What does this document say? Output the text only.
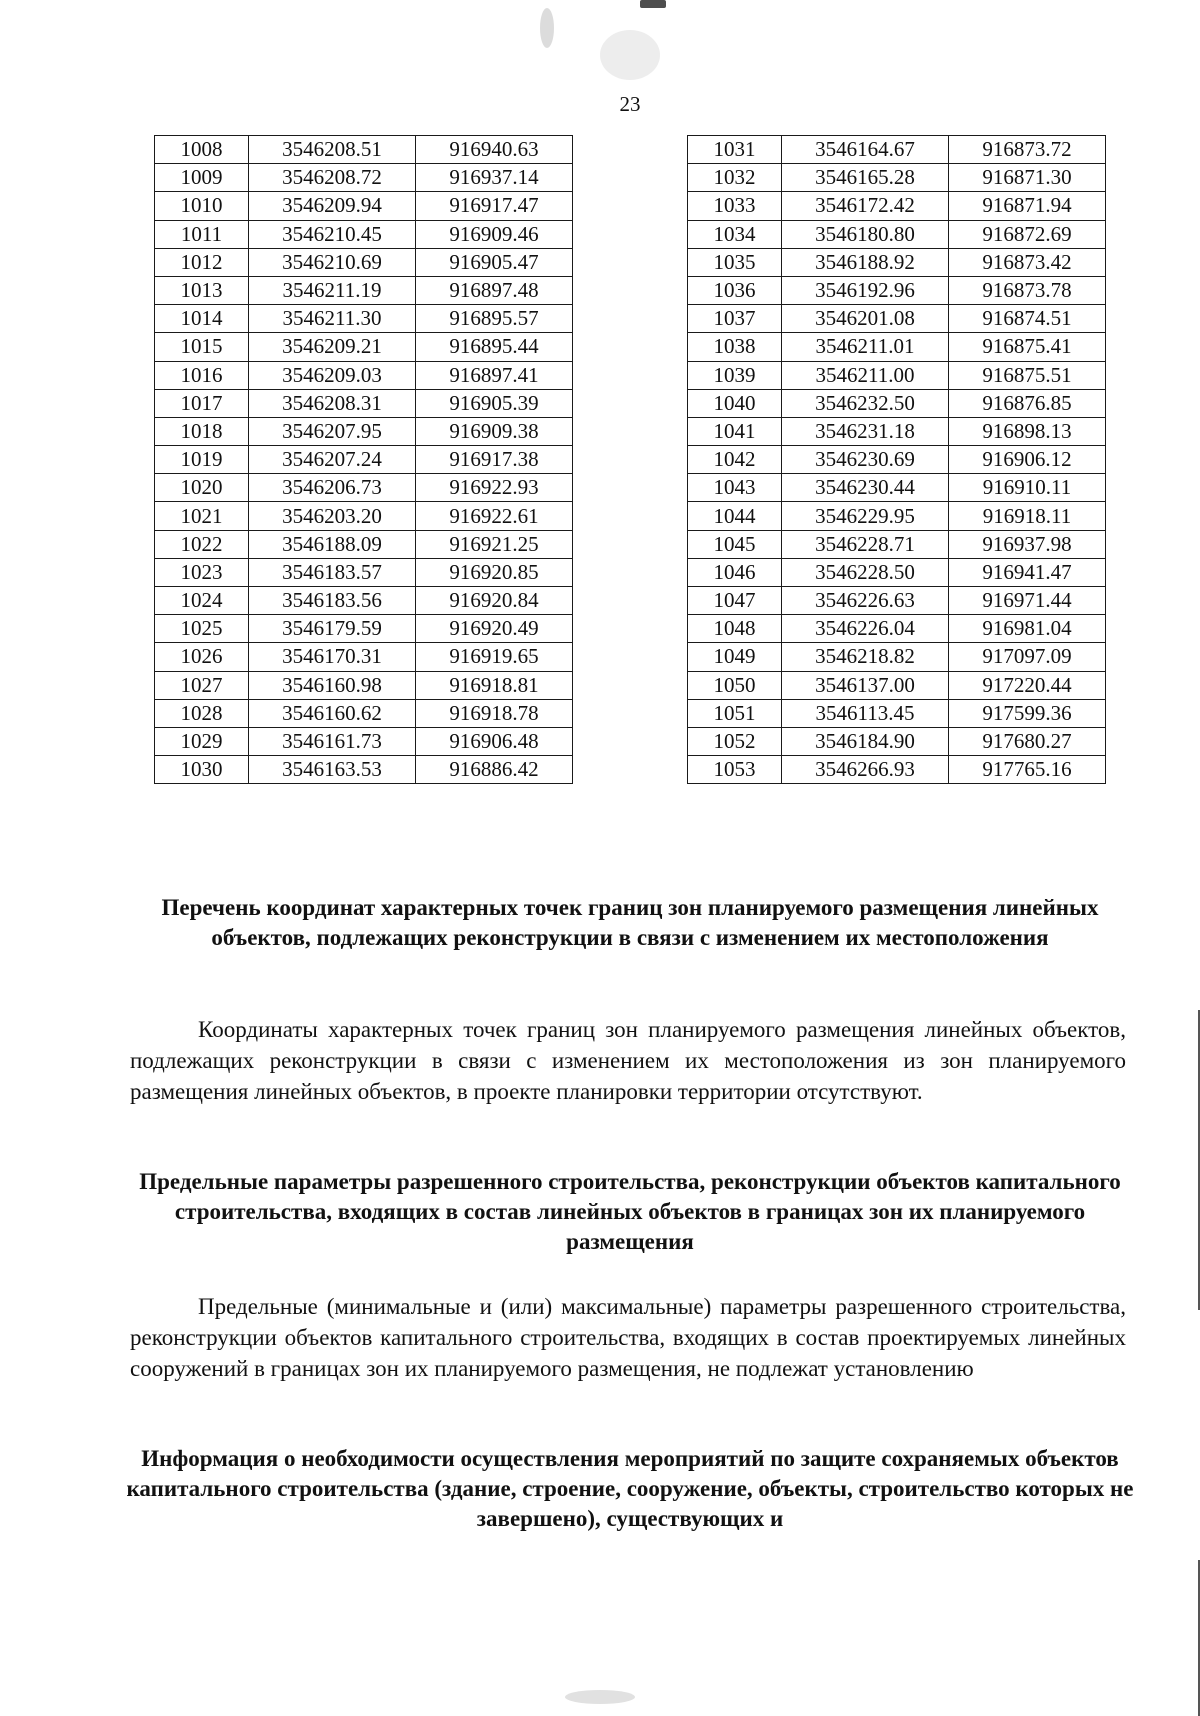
23
1008	3546208.51	916940.63
1009	3546208.72	916937.14
1010	3546209.94	916917.47
1011	3546210.45	916909.46
1012	3546210.69	916905.47
1013	3546211.19	916897.48
1014	3546211.30	916895.57
1015	3546209.21	916895.44
1016	3546209.03	916897.41
1017	3546208.31	916905.39
1018	3546207.95	916909.38
1019	3546207.24	916917.38
1020	3546206.73	916922.93
1021	3546203.20	916922.61
1022	3546188.09	916921.25
1023	3546183.57	916920.85
1024	3546183.56	916920.84
1025	3546179.59	916920.49
1026	3546170.31	916919.65
1027	3546160.98	916918.81
1028	3546160.62	916918.78
1029	3546161.73	916906.48
1030	3546163.53	916886.42
1031	3546164.67	916873.72
1032	3546165.28	916871.30
1033	3546172.42	916871.94
1034	3546180.80	916872.69
1035	3546188.92	916873.42
1036	3546192.96	916873.78
1037	3546201.08	916874.51
1038	3546211.01	916875.41
1039	3546211.00	916875.51
1040	3546232.50	916876.85
1041	3546231.18	916898.13
1042	3546230.69	916906.12
1043	3546230.44	916910.11
1044	3546229.95	916918.11
1045	3546228.71	916937.98
1046	3546228.50	916941.47
1047	3546226.63	916971.44
1048	3546226.04	916981.04
1049	3546218.82	917097.09
1050	3546137.00	917220.44
1051	3546113.45	917599.36
1052	3546184.90	917680.27
1053	3546266.93	917765.16
Перечень координат характерных точек границ зон планируемого размещения линейных объектов, подлежащих реконструкции в связи с изменением их местоположения

Координаты характерных точек границ зон планируемого размещения линейных объектов, подлежащих реконструкции в связи с изменением их местоположения из зон планируемого размещения линейных объектов, в проекте планировки территории отсутствуют.

Предельные параметры разрешенного строительства, реконструкции объектов капитального строительства, входящих в состав линейных объектов в границах зон их планируемого размещения

Предельные (минимальные и (или) максимальные) параметры разрешенного строительства, реконструкции объектов капитального строительства, входящих в состав проектируемых линейных сооружений в границах зон их планируемого размещения, не подлежат установлению

Информация о необходимости осуществления мероприятий по защите сохраняемых объектов капитального строительства (здание, строение, сооружение, объекты, строительство которых не завершено), существующих и
